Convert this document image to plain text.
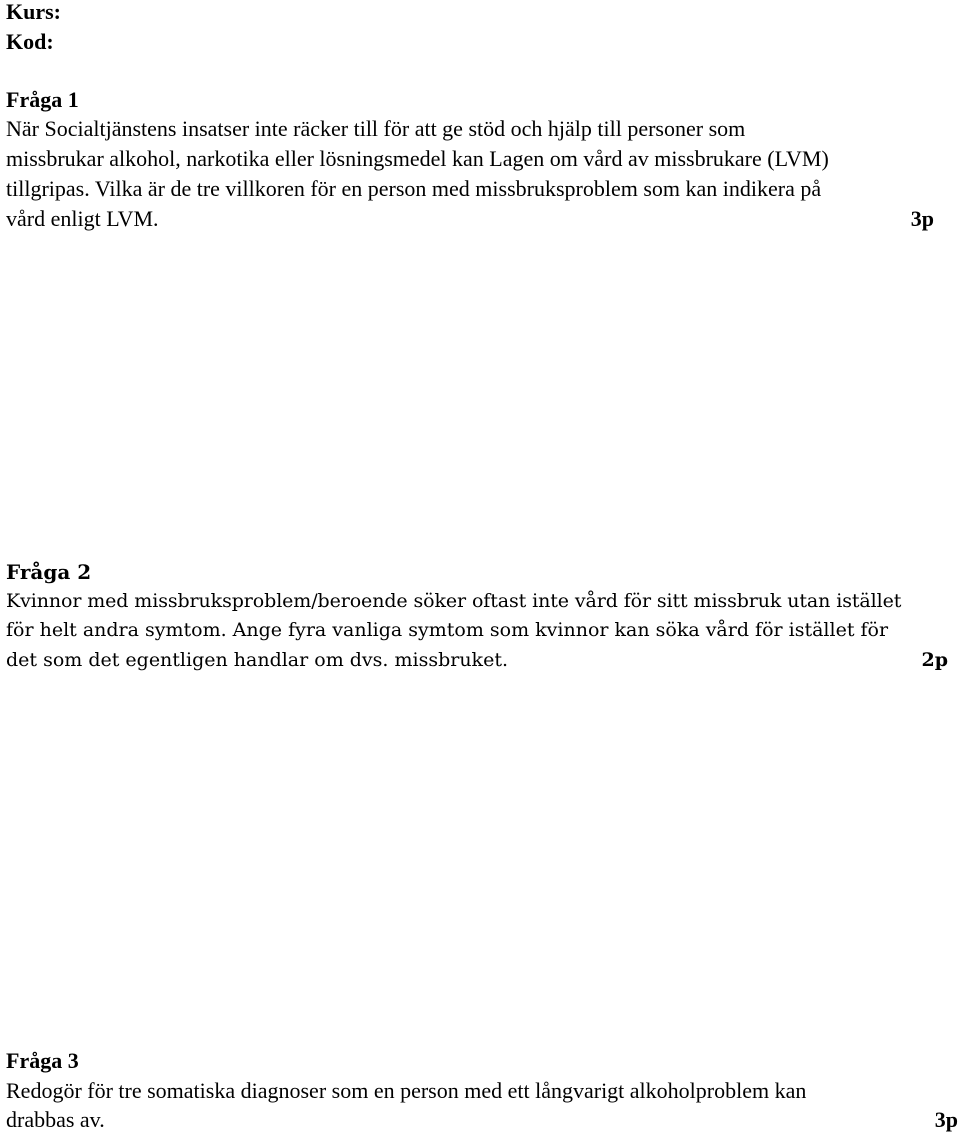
Kurs:
Kod:
Fråga 1
När Socialtjänstens insatser inte räcker till för att ge stöd och hjälp till personer som
missbrukar alkohol, narkotika eller lösningsmedel kan Lagen om vård av missbrukare (LVM)
tillgripas. Vilka är de tre villkoren för en person med missbruksproblem som kan indikera på
vård enligt LVM.	3p
Fråga 2
Kvinnor med missbruksproblem/beroende söker oftast inte vård för sitt missbruk utan istället
för helt andra symtom. Ange fyra vanliga symtom som kvinnor kan söka vård för istället för
det som det egentligen handlar om dvs. missbruket.	2p
Fråga 3
Redogör för tre somatiska diagnoser som en person med ett långvarigt alkoholproblem kan
drabbas av.	3p
